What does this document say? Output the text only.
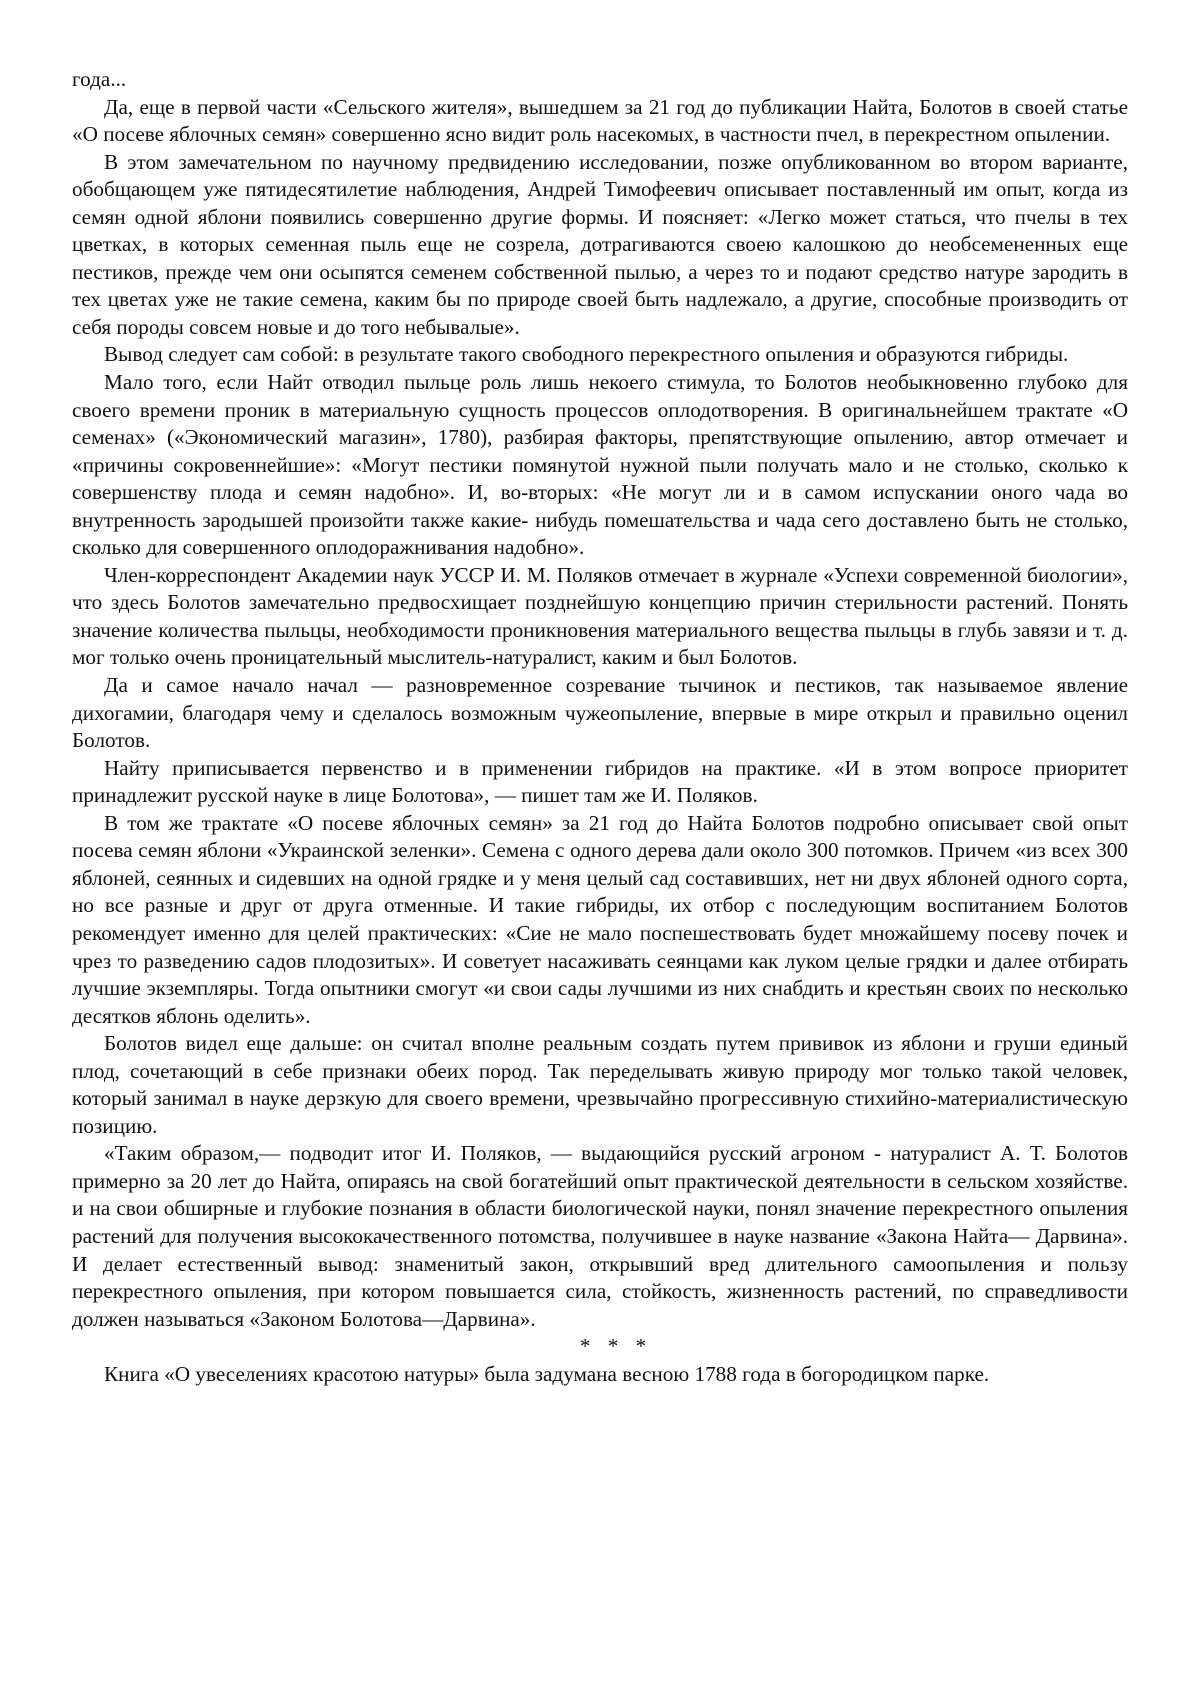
года...

Да, еще в первой части «Сельского жителя», вышедшем за 21 год до публикации Найта, Болотов в своей статье «О посеве яблочных семян» совершенно ясно видит роль насекомых, в частности пчел, в перекрестном опылении.

В этом замечательном по научному предвидению исследовании, позже опубликованном во втором варианте, обобщающем уже пятидесятилетие наблюдения, Андрей Тимофеевич описывает поставленный им опыт, когда из семян одной яблони появились совершенно другие формы. И поясняет: «Легко может статься, что пчелы в тех цветках, в которых семенная пыль еще не созрела, дотрагиваются своею калошкою до необсемененных еще пестиков, прежде чем они осыпятся семенем собственной пылью, а через то и подают средство натуре зародить в тех цветах уже не такие семена, каким бы по природе своей быть надлежало, а другие, способные производить от себя породы совсем новые и до того небывалые».

Вывод следует сам собой: в результате такого свободного перекрестного опыления и образуются гибриды.

Мало того, если Найт отводил пыльце роль лишь некоего стимула, то Болотов необыкновенно глубоко для своего времени проник в материальную сущность процессов оплодотворения. В оригинальнейшем трактате «О семенах» («Экономический магазин», 1780), разбирая факторы, препятствующие опылению, автор отмечает и «причины сокровеннейшие»: «Могут пестики помянутой нужной пыли получать мало и не столько, сколько к совершенству плода и семян надобно». И, во-вторых: «Не могут ли и в самом испускании оного чада во внутренность зародышей произойти также какие- нибудь помешательства и чада сего доставлено быть не столько, сколько для совершенного оплодоражнивания надобно».

Член-корреспондент Академии наук УССР И. М. Поляков отмечает в журнале «Успехи современной биологии», что здесь Болотов замечательно предвосхищает позднейшую концепцию причин стерильности растений. Понять значение количества пыльцы, необходимости проникновения материального вещества пыльцы в глубь завязи и т. д. мог только очень проницательный мыслитель-натуралист, каким и был Болотов.

Да и самое начало начал — разновременное созревание тычинок и пестиков, так называемое явление дихогамии, благодаря чему и сделалось возможным чужеопыление, впервые в мире открыл и правильно оценил Болотов.

Найту приписывается первенство и в применении гибридов на практике. «И в этом вопросе приоритет принадлежит русской науке в лице Болотова», — пишет там же И. Поляков.

В том же трактате «О посеве яблочных семян» за 21 год до Найта Болотов подробно описывает свой опыт посева семян яблони «Украинской зеленки». Семена с одного дерева дали около 300 потомков. Причем «из всех 300 яблоней, сеянных и сидевших на одной грядке и у меня целый сад составивших, нет ни двух яблоней одного сорта, но все разные и друг от друга отменные. И такие гибриды, их отбор с последующим воспитанием Болотов рекомендует именно для целей практических: «Сие не мало поспешествовать будет множайшему посеву почек и чрез то разведению садов плодозитых». И советует насаживать сеянцами как луком целые грядки и далее отбирать лучшие экземпляры. Тогда опытники смогут «и свои сады лучшими из них снабдить и крестьян своих по несколько десятков яблонь оделить».

Болотов видел еще дальше: он считал вполне реальным создать путем прививок из яблони и груши единый плод, сочетающий в себе признаки обеих пород. Так переделывать живую природу мог только такой человек, который занимал в науке дерзкую для своего времени, чрезвычайно прогрессивную стихийно-материалистическую позицию.

«Таким образом,— подводит итог И. Поляков, — выдающийся русский агроном - натуралист А. Т. Болотов примерно за 20 лет до Найта, опираясь на свой богатейший опыт практической деятельности в сельском хозяйстве. и на свои обширные и глубокие познания в области биологической науки, понял значение перекрестного опыления растений для получения высококачественного потомства, получившее в науке название «Закона Найта— Дарвина». И делает естественный вывод: знаменитый закон, открывший вред длительного самоопыления и пользу перекрестного опыления, при котором повышается сила, стойкость, жизненность растений, по справедливости должен называться «Законом Болотова—Дарвина».

* * *

Книга «О увеселениях красотою натуры» была задумана весною 1788 года в богородицком парке.
